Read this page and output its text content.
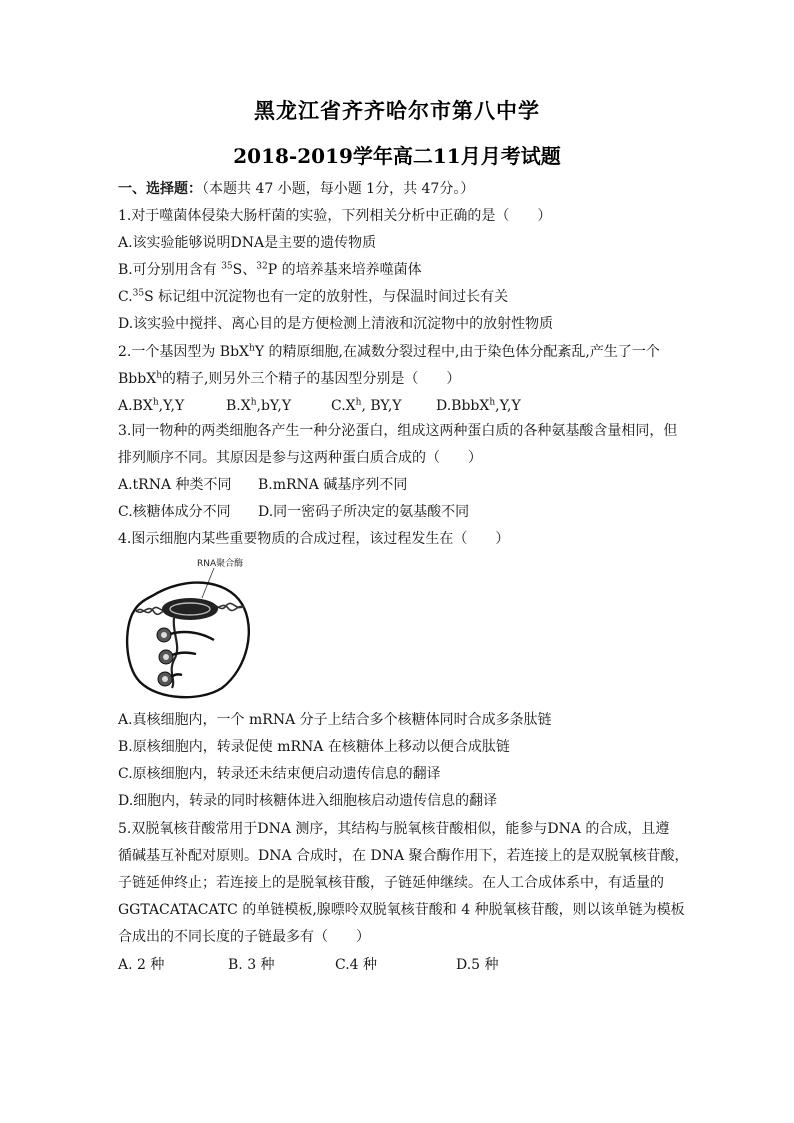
黑龙江省齐齐哈尔市第八中学
2018-2019学年高二11月月考试题
一、选择题：（本题共 47 小题，每小题 1分，共 47分。）
1.对于噬菌体侵染大肠杆菌的实验，下列相关分析中正确的是（　　）
A.该实验能够说明DNA是主要的遗传物质
B.可分别用含有 $^{35}$S、$^{32}$P 的培养基来培养噬菌体
C.$^{35}$S 标记组中沉淀物也有一定的放射性，与保温时间过长有关
D.该实验中搅拌、离心目的是方便检测上清液和沉淀物中的放射性物质
2.一个基因型为 BbX$^h$Y 的精原细胞,在减数分裂过程中,由于染色体分配紊乱,产生了一个
BbbX$^h$的精子,则另外三个精子的基因型分别是（　　）
$A.BX^h,Y,Y$	$B.X^h,bY,Y$	$C.X^h$, BY,Y D.BbbX$^h$,Y,Y
3.同一物种的两类细胞各产生一种分泌蛋白，组成这两种蛋白质的各种氨基酸含量相同，但
排列顺序不同。其原因是参与这两种蛋白质合成的（　　）
A.tRNA 种类不同 B.mRNA 碱基序列不同
C.核糖体成分不同 D.同一密码子所决定的氨基酸不同
4.图示细胞内某些重要物质的合成过程，该过程发生在（　　）
RNA聚合酶
A.真核细胞内，一个 mRNA 分子上结合多个核糖体同时合成多条肽链
B.原核细胞内，转录促使 mRNA 在核糖体上移动以便合成肽链
C.原核细胞内，转录还未结束便启动遗传信息的翻译
D.细胞内，转录的同时核糖体进入细胞核启动遗传信息的翻译
5.双脱氧核苷酸常用于DNA 测序，其结构与脱氧核苷酸相似，能参与DNA 的合成，且遵
循碱基互补配对原则。DNA 合成时，在 DNA 聚合酶作用下，若连接上的是双脱氧核苷酸，
子链延伸终止；若连接上的是脱氧核苷酸，子链延伸继续。在人工合成体系中，有适量的
GGTACATACATC 的单链模板,腺嘌呤双脱氧核苷酸和 4 种脱氧核苷酸，则以该单链为模板
合成出的不同长度的子链最多有（　　）
A. 2 种	B. 3 种	C.4 种	D.5 种
